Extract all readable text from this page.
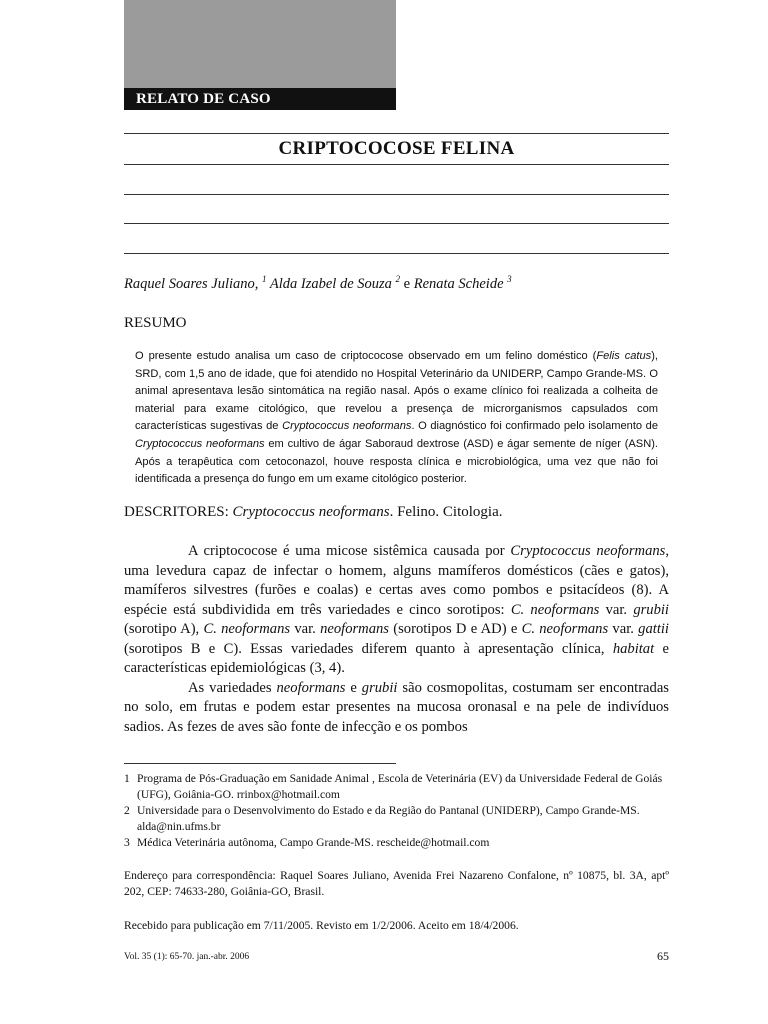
RELATO DE CASO
CRIPTOCOCOSE FELINA
Raquel Soares Juliano, $^1$ Alda Izabel de Souza $^2$ e Renata Scheide $^3$
RESUMO

O presente estudo analisa um caso de criptococose observado em um felino doméstico (Felis catus), SRD, com 1,5 ano de idade, que foi atendido no Hospital Veterinário da UNIDERP, Campo Grande-MS. O animal apresentava lesão sintomática na região nasal. Após o exame clínico foi realizada a colheita de material para exame citológico, que revelou a presença de microrganismos capsulados com características sugestivas de Cryptococcus neoformans. O diagnóstico foi confirmado pelo isolamento de Cryptococcus neoformans em cultivo de ágar Saboraud dextrose (ASD) e ágar semente de níger (ASN). Após a terapêutica com cetoconazol, houve resposta clínica e microbiológica, uma vez que não foi identificada a presença do fungo em um exame citológico posterior.

DESCRITORES: Cryptococcus neoformans. Felino. Citologia.

A criptococose é uma micose sistêmica causada por Cryptococcus neoformans, uma levedura capaz de infectar o homem, alguns mamíferos domésticos (cães e gatos), mamíferos silvestres (furões e coalas) e certas aves como pombos e psitacídeos (8). A espécie está subdividida em três variedades e cinco sorotipos: C. neoformans var. grubii (sorotipo A), C. neoformans var. neoformans (sorotipos D e AD) e C. neoformans var. gattii (sorotipos B e C). Essas variedades diferem quanto à apresentação clínica, habitat e características epidemiológicas (3, 4).

As variedades neoformans e grubii são cosmopolitas, costumam ser encontradas no solo, em frutas e podem estar presentes na mucosa oronasal e na pele de indivíduos sadios. As fezes de aves são fonte de infecção e os pombos

1 Programa de Pós-Graduação em Sanidade Animal , Escola de Veterinária (EV) da Universidade Federal de Goiás (UFG), Goiânia-GO. rrinbox@hotmail.com
2 Universidade para o Desenvolvimento do Estado e da Região do Pantanal (UNIDERP), Campo Grande-MS. alda@nin.ufms.br
3 Médica Veterinária autônoma, Campo Grande-MS. rescheide@hotmail.com
Endereço para correspondência: Raquel Soares Juliano, Avenida Frei Nazareno Confalone, nº 10875, bl. 3A, aptº 202, CEP: 74633-280, Goiânia-GO, Brasil.
Recebido para publicação em 7/11/2005. Revisto em 1/2/2006. Aceito em 18/4/2006.
Vol. 35 (1): 65-70. jan.-abr. 2006	65
